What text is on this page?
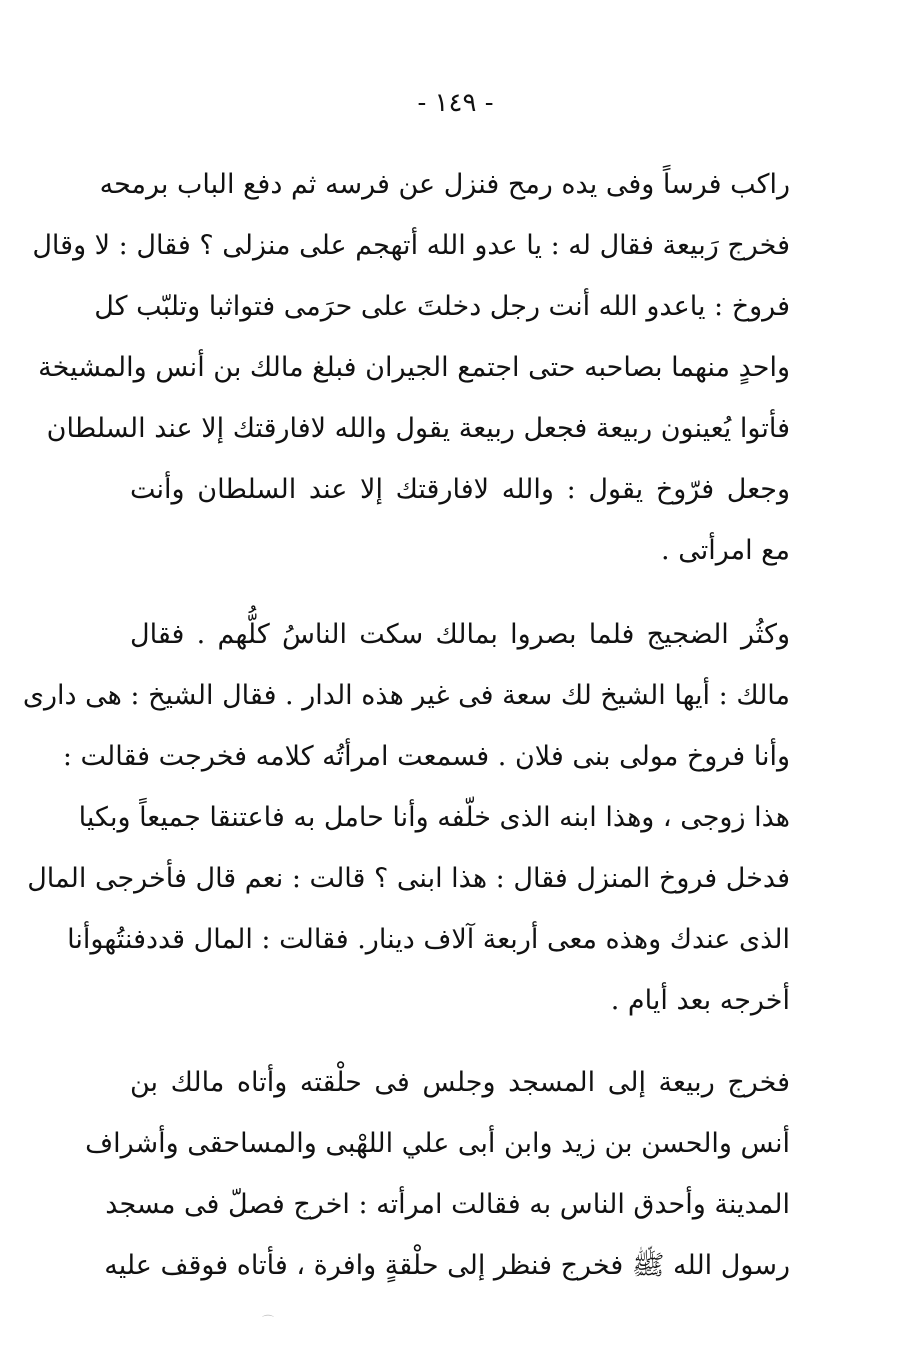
- ١٤٩ -
راكب فرساً وفى يده رمح فنزل عن فرسه ثم دفع الباب برمحه
فخرج رَبيعة فقال له : يا عدو الله أتهجم على منزلى ؟ فقال : لا وقال
فروخ : ياعدو الله أنت رجل دخلتَ على حرَمى فتواثبا وتلبّب كل
واحدٍ منهما بصاحبه حتى اجتمع الجيران فبلغ مالك بن أنس والمشيخة
فأتوا يُعينون ربيعة فجعل ربيعة يقول والله لافارقتك إلا عند السلطان
وجعل فرّوخ يقول : والله لافارقتك إلا عند السلطان وأنت
مع امرأتى .
وكثُر الضجيج فلما بصروا بمالك سكت الناسُ كلُّهم . فقال
مالك : أيها الشيخ لك سعة فى غير هذه الدار . فقال الشيخ : هى دارى
وأنا فروخ مولى بنى فلان . فسمعت امرأتُه كلامه فخرجت فقالت :
هذا زوجى ، وهذا ابنه الذى خلّفه وأنا حامل به فاعتنقا جميعاً وبكيا
فدخل فروخ المنزل فقال : هذا ابنى ؟ قالت : نعم قال فأخرجى المال
الذى عندك وهذه معى أربعة آلاف دينار. فقالت : المال قددفنتُهوأنا
أخرجه بعد أيام .
فخرج ربيعة إلى المسجد وجلس فى حلْقته وأتاه مالك بن
أنس والحسن بن زيد وابن أبى علي اللهْبى والمساحقى وأشراف
المدينة وأحدق الناس به فقالت امرأته : اخرج فصلّ فى مسجد
رسول الله ﷺ فخرج فنظر إلى حلْقةٍ وافرة ، فأتاه فوقف عليه
⌒
